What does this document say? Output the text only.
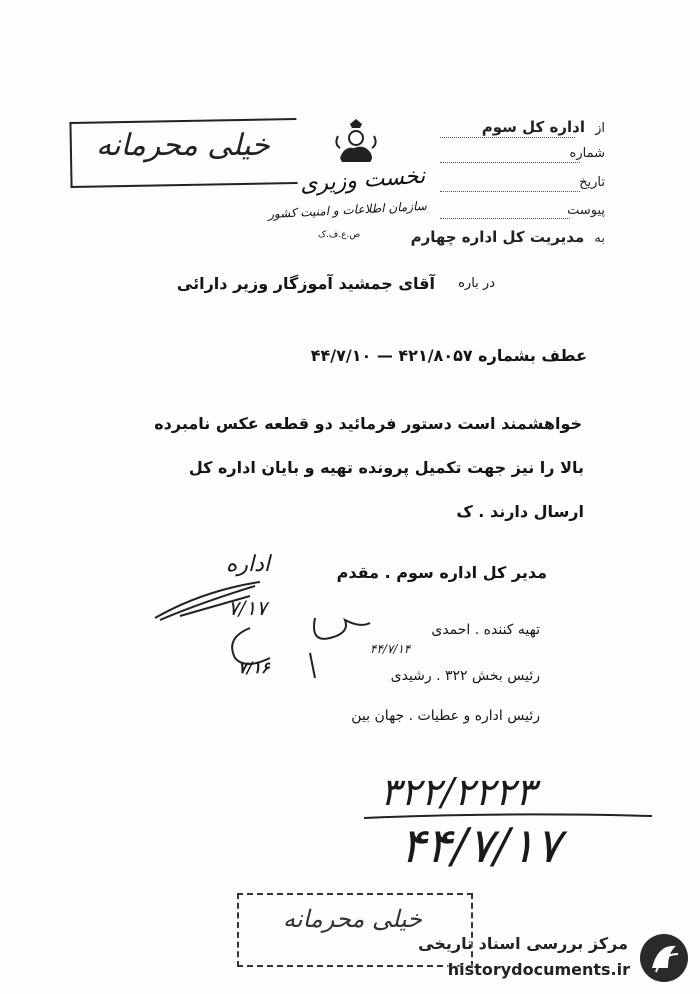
خیلی محرمانه
نخست وزیری
سازمان اطلاعات و امنیت کشور
از اداره کل سوم
شماره
تاریخ
پیوست
به مدیریت کل اداره چهارم
ص.ع.ف.ک
در باره
آقای جمشید آموزگار وزیر دارائی
عطف بشماره ۴۲۱/۸۰۵۷ — ۴۴/۷/۱۰
خواهشمند است دستور فرمائید دو قطعه عکس نامبرده
بالا را نیز جهت تکمیل پرونده تهیه و بایان اداره کل
ارسال دارند . ک
اداره	مدیر کل اداره سوم . مقدم
۷/۱۷
تهیه کننده . احمدی
۴۴/۷/۱۴
رئیس بخش ۳۲۲ . رشیدی
۷/۱۶
رئیس اداره و عطیات . جهان بین
۳۲۲/۲۲۲۳
۴۴/۷/۱۷
خیلی محرمانه
مرکز بررسی اسناد تاریخی
historydocuments.ir
